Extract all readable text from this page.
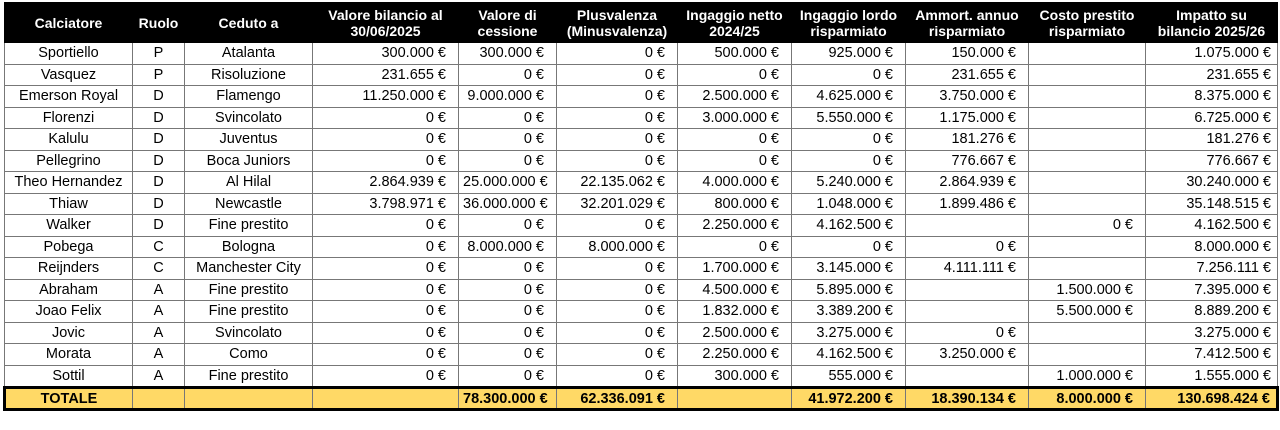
Calciatore	Ruolo	Ceduto a	Valore bilancio al 30/06/2025	Valore di cessione	Plusvalenza (Minusvalenza)	Ingaggio netto 2024/25	Ingaggio lordo risparmiato	Ammort. annuo risparmiato	Costo prestito risparmiato	Impatto su bilancio 2025/26
Sportiello	P	Atalanta	300.000 €	300.000 €	0 €	500.000 €	925.000 €	150.000 €		1.075.000 €
Vasquez	P	Risoluzione	231.655 €	0 €	0 €	0 €	0 €	231.655 €		231.655 €
Emerson Royal	D	Flamengo	11.250.000 €	9.000.000 €	0 €	2.500.000 €	4.625.000 €	3.750.000 €		8.375.000 €
Florenzi	D	Svincolato	0 €	0 €	0 €	3.000.000 €	5.550.000 €	1.175.000 €		6.725.000 €
Kalulu	D	Juventus	0 €	0 €	0 €	0 €	0 €	181.276 €		181.276 €
Pellegrino	D	Boca Juniors	0 €	0 €	0 €	0 €	0 €	776.667 €		776.667 €
Theo Hernandez	D	Al Hilal	2.864.939 €	25.000.000 €	22.135.062 €	4.000.000 €	5.240.000 €	2.864.939 €		30.240.000 €
Thiaw	D	Newcastle	3.798.971 €	36.000.000 €	32.201.029 €	800.000 €	1.048.000 €	1.899.486 €		35.148.515 €
Walker	D	Fine prestito	0 €	0 €	0 €	2.250.000 €	4.162.500 €		0 €	4.162.500 €
Pobega	C	Bologna	0 €	8.000.000 €	8.000.000 €	0 €	0 €	0 €		8.000.000 €
Reijnders	C	Manchester City	0 €	0 €	0 €	1.700.000 €	3.145.000 €	4.111.111 €		7.256.111 €
Abraham	A	Fine prestito	0 €	0 €	0 €	4.500.000 €	5.895.000 €		1.500.000 €	7.395.000 €
Joao Felix	A	Fine prestito	0 €	0 €	0 €	1.832.000 €	3.389.200 €		5.500.000 €	8.889.200 €
Jovic	A	Svincolato	0 €	0 €	0 €	2.500.000 €	3.275.000 €	0 €		3.275.000 €
Morata	A	Como	0 €	0 €	0 €	2.250.000 €	4.162.500 €	3.250.000 €		7.412.500 €
Sottil	A	Fine prestito	0 €	0 €	0 €	300.000 €	555.000 €		1.000.000 €	1.555.000 €
TOTALE				78.300.000 €	62.336.091 €		41.972.200 €	18.390.134 €	8.000.000 €	130.698.424 €
